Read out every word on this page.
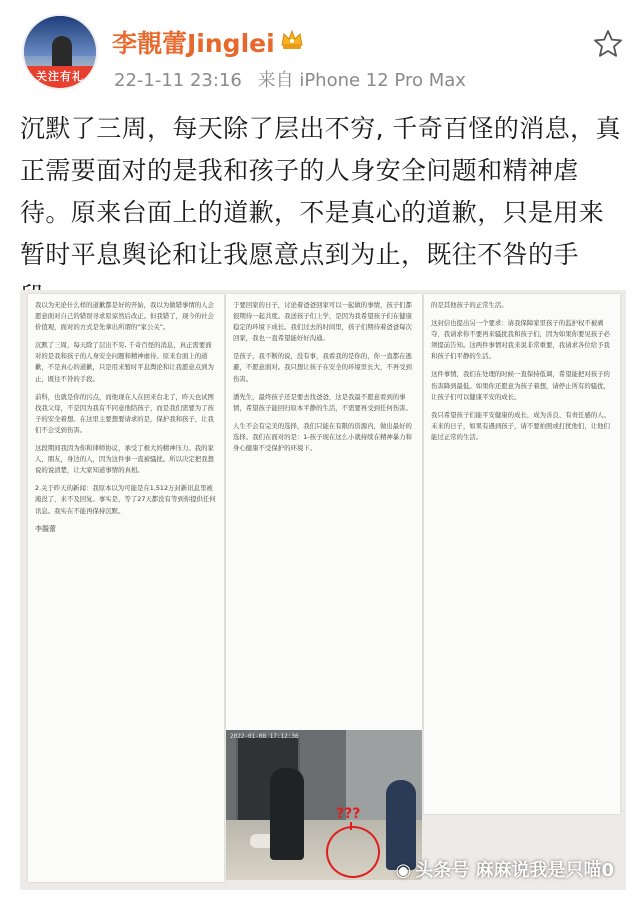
关注有礼
李靚蕾Jinglei
22-1-11 23:16 来自 iPhone 12 Pro Max
沉默了三周，每天除了层出不穷, 千奇百怪的消息，真正需要面对的是我和孩子的人身安全问题和精神虐待。原来台面上的道歉，不是真心的道歉，只是用来暂时平息舆论和让我愿意点到为止，既往不咎的手

我以为无论什么样的道歉都是好的开始，我以为做错事情的人会愿意面对自己的错误寻求原谅然后改正。但我错了，现今的社会价值观，面对的方式是先拿出所谓的“家公关”。

沉默了三周，每天除了层出不穷, 千奇百怪的消息，真正需要面对的是我和孩子的人身安全问题和精神虐待。原来台面上的道歉，不是真心的道歉，只是用来暂时平息舆论和让我愿意点到为止，既往不咎的手段。

前科，也就是你的污点，而他现在人在回来台北了，昨天也试图找我父母，不是因为我有不同意他陪孩子，而是我们需要为了孩子的安全着想。在这里主要想要请求的是，保护我和孩子，让我们不会受到伤害。

这段期间我因为你和律师协议，承受了极大的精神压力。我的家人，朋友，身边的人，因为这件事一直被骚扰。所以决定把我想说的说清楚，让大家知道事情的真相。

2.关于昨天的新闻：我原本以为可能是在1,512万封新讯息里被淹没了，来不及回复。事实是，等了27天都没有等到你提供任何讯息。我实在不能再保持沉默。

李靚蕾

于要回家的日子，讨论着爸爸回家可以一起做的事情，孩子们都很期待一起共度。我送孩子们上学，是因为我希望孩子们在健康稳定的环境下成长。我们过去的时间里，孩子们期待着爸爸每次回家，我也一直希望能好好沟通。

是孩子，我不断的说，没有事，我看我的是你的，你一直都在逃避，不愿意面对。我只想让孩子在安全的环境里长大，不再受到伤害。

潘先生，最终孩子还是要去找爸爸，这是我最不愿意看到的事情，希望孩子能回归原本平静的生活，不需要再受到任何伤害。

人生不会有完美的选择，我们只能在有限的资源内，做出最好的选择。我们在面对的是：1-孩子现在这么小就持续在精神暴力和身心健康不受保护的环境下。

???
2022-01-08 17:12:36

的是其他孩子的正常生活。

这封信也提出另一个要求：请我保障家里孩子的监护权不被剥夺，我请求你不要再来骚扰我和孩子们，因为如果你要见孩子必须提前告知。这两件事情对我来说非常重要，我请求各位给予我和孩子们平静的生活。

这件事情，我们在处理的时候一直保持低调，希望能把对孩子的伤害降到最低。如果你还愿意为孩子着想，请停止所有的骚扰，让孩子们可以健康平安的成长。

我只希望孩子们能平安健康的成长，成为善良、有责任感的人。未来的日子，如果有遇到孩子，请不要拍照或打扰他们，让他们能过正常的生活。

◉ 头条号 麻麻说我是只喵0
